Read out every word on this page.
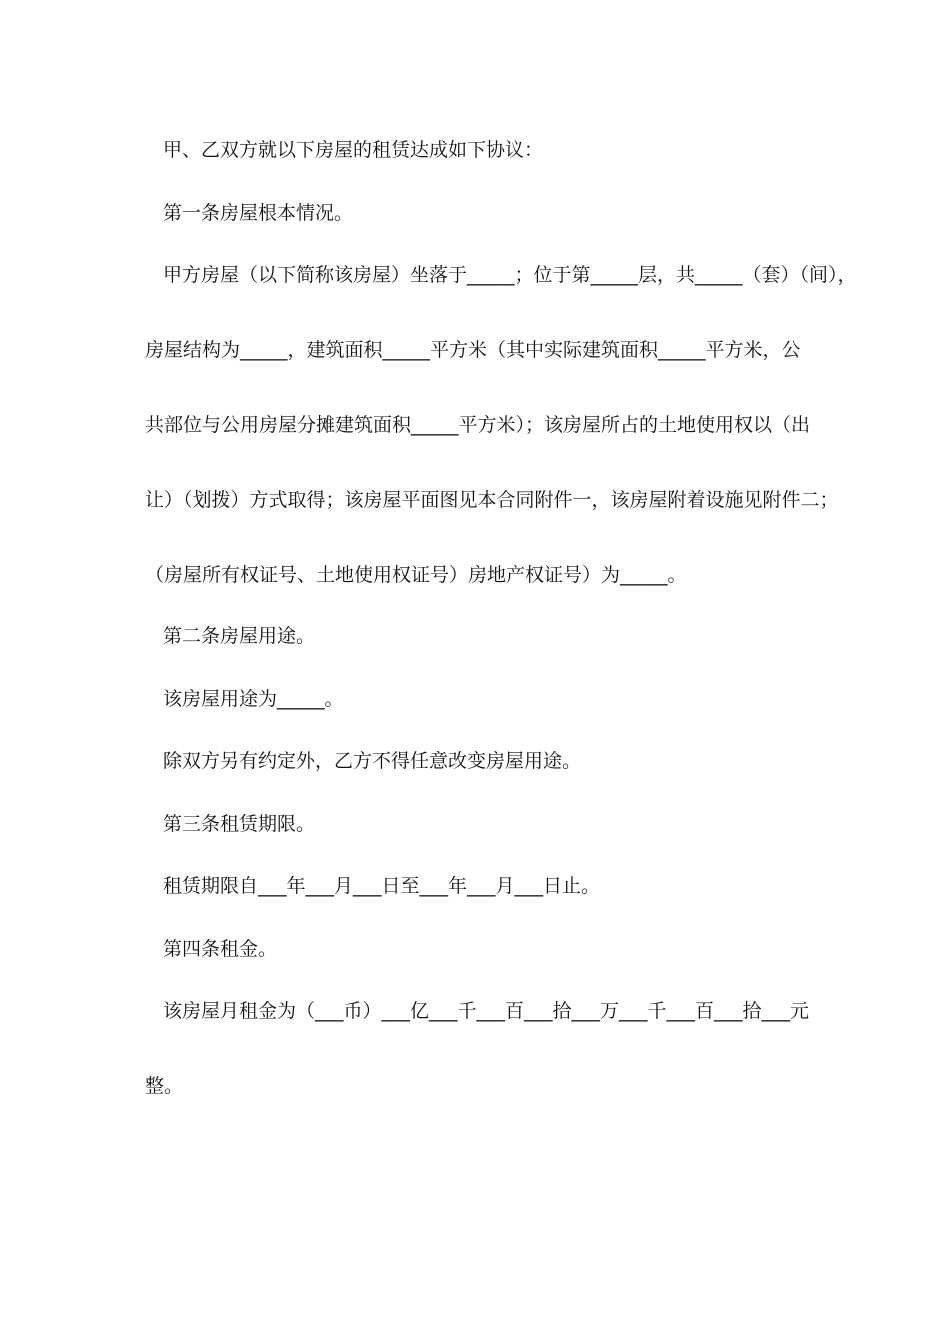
甲、乙双方就以下房屋的租赁达成如下协议：
第一条房屋根本情况。
甲方房屋（以下简称该房屋）坐落于_____；位于第_____层，共_____（套）（间），
房屋结构为_____，建筑面积_____平方米（其中实际建筑面积_____平方米，公
共部位与公用房屋分摊建筑面积_____平方米）；该房屋所占的土地使用权以（出
让）（划拨）方式取得；该房屋平面图见本合同附件一，该房屋附着设施见附件二；
（房屋所有权证号、土地使用权证号）房地产权证号）为_____。
第二条房屋用途。
该房屋用途为_____。
除双方另有约定外，乙方不得任意改变房屋用途。
第三条租赁期限。
租赁期限自___年___月___日至___年___月___日止。
第四条租金。
该房屋月租金为（___币）___亿___千___百___拾___万___千___百___拾___元
整。
